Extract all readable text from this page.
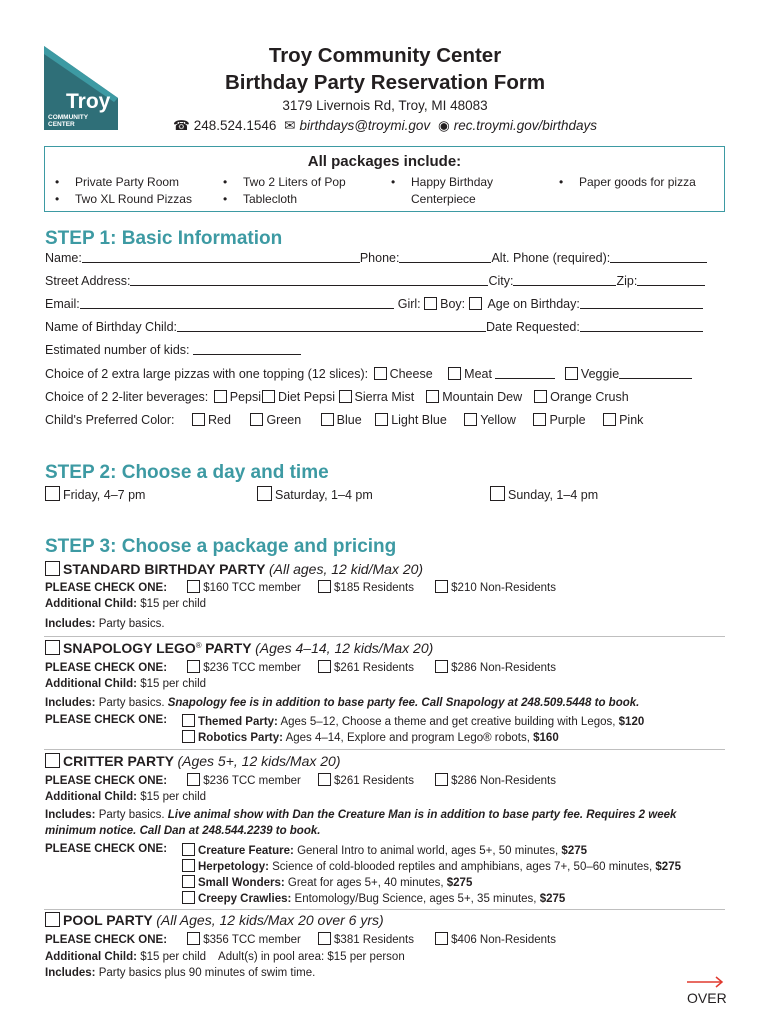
Troy
COMMUNITY
CENTER
Troy Community Center
Birthday Party Reservation Form
3179 Livernois Rd, Troy, MI 48083
☎ 248.524.1546 ✉ birthdays@troymi.gov ◉ rec.troymi.gov/birthdays
All packages include:
• Private Party Room
• Two XL Round Pizzas
• Two 2 Liters of Pop
• Tablecloth
• Happy Birthday
Centerpiece
• Paper goods for pizza
STEP 1: Basic Information
Name:	Phone:	Alt. Phone (required):
Street Address:	City:	Zip:
Email:	Girl: Boy: Age on Birthday:
Name of Birthday Child:	Date Requested:
Estimated number of kids:
Choice of 2 extra large pizzas with one topping (12 slices): Cheese	Meat	Veggie
Choice of 2 2-liter beverages: Pepsi Diet Pepsi Sierra Mist Mountain Dew Orange Crush
Child's Preferred Color:	Red	Green	Blue Light Blue	Yellow	Purple	Pink
STEP 2: Choose a day and time
Friday, 4–7 pm	Saturday, 1–4 pm	Sunday, 1–4 pm
STEP 3: Choose a package and pricing
STANDARD BIRTHDAY PARTY (All ages, 12 kid/Max 20)
PLEASE CHECK ONE:	$160 TCC member	$185 Residents	$210 Non-Residents
Additional Child: $15 per child
Includes: Party basics.
SNAPOLOGY LEGO® PARTY (Ages 4–14, 12 kids/Max 20)
PLEASE CHECK ONE:	$236 TCC member	$261 Residents	$286 Non-Residents
Additional Child: $15 per child
Includes: Party basics. Snapology fee is in addition to base party fee. Call Snapology at 248.509.5448 to book.
PLEASE CHECK ONE:	Themed Party: Ages 5–12, Choose a theme and get creative building with Legos, $120
Robotics Party: Ages 4–14, Explore and program Lego® robots, $160
CRITTER PARTY (Ages 5+, 12 kids/Max 20)
PLEASE CHECK ONE:	$236 TCC member	$261 Residents	$286 Non-Residents
Additional Child: $15 per child
Includes: Party basics. Live animal show with Dan the Creature Man is in addition to base party fee. Requires 2 week
minimum notice. Call Dan at 248.544.2239 to book.
PLEASE CHECK ONE:	Creature Feature: General Intro to animal world, ages 5+, 50 minutes, $275
Herpetology: Science of cold-blooded reptiles and amphibians, ages 7+, 50–60 minutes, $275
Small Wonders: Great for ages 5+, 40 minutes, $275
Creepy Crawlies: Entomology/Bug Science, ages 5+, 35 minutes, $275
POOL PARTY (All Ages, 12 kids/Max 20 over 6 yrs)
PLEASE CHECK ONE:	$356 TCC member	$381 Residents	$406 Non-Residents
Additional Child: $15 per child Adult(s) in pool area: $15 per person
Includes: Party basics plus 90 minutes of swim time.
OVER
